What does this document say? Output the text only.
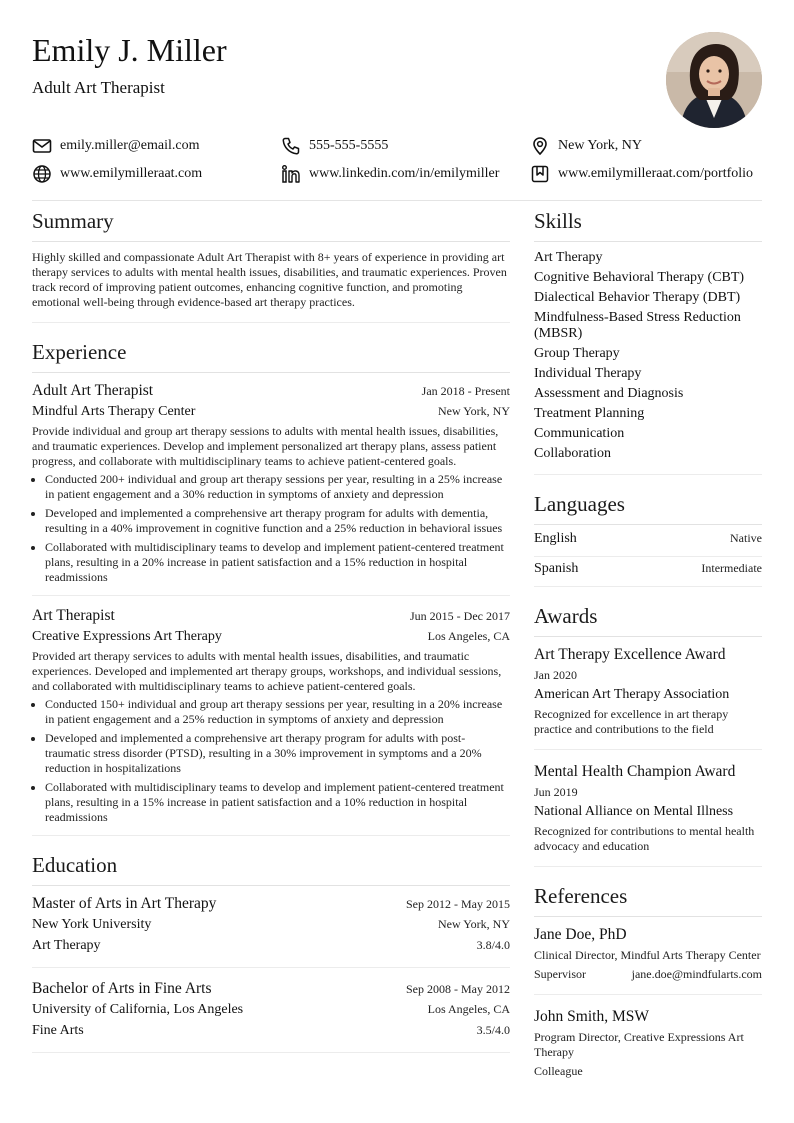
Emily J. Miller
Adult Art Therapist
emily.miller@email.com	555-555-5555	New York, NY
www.emilymilleraat.com	www.linkedin.com/in/emilymiller	www.emilymilleraat.com/portfolio
Summary

Highly skilled and compassionate Adult Art Therapist with 8+ years of experience in providing art therapy services to adults with mental health issues, disabilities, and traumatic experiences. Proven track record of improving patient outcomes, enhancing cognitive function, and promoting emotional well-being through evidence-based art therapy practices.

Experience
Adult Art Therapist	Jan 2018 - Present
Mindful Arts Therapy Center	New York, NY
Provide individual and group art therapy sessions to adults with mental health issues, disabilities, and traumatic experiences. Develop and implement personalized art therapy plans, assess patient progress, and collaborate with multidisciplinary teams to achieve patient-centered goals.
• Conducted 200+ individual and group art therapy sessions per year, resulting in a 25% increase in patient engagement and a 30% reduction in symptoms of anxiety and depression
• Developed and implemented a comprehensive art therapy program for adults with dementia, resulting in a 40% improvement in cognitive function and a 25% reduction in behavioral issues
• Collaborated with multidisciplinary teams to develop and implement patient-centered treatment plans, resulting in a 20% increase in patient satisfaction and a 15% reduction in hospital readmissions
Art Therapist	Jun 2015 - Dec 2017
Creative Expressions Art Therapy	Los Angeles, CA
Provided art therapy services to adults with mental health issues, disabilities, and traumatic experiences. Developed and implemented art therapy groups, workshops, and individual sessions, and collaborated with multidisciplinary teams to achieve patient-centered goals.
• Conducted 150+ individual and group art therapy sessions per year, resulting in a 20% increase in patient engagement and a 25% reduction in symptoms of anxiety and depression
• Developed and implemented a comprehensive art therapy program for adults with post-traumatic stress disorder (PTSD), resulting in a 30% improvement in symptoms and a 20% reduction in hospitalizations
• Collaborated with multidisciplinary teams to develop and implement patient-centered treatment plans, resulting in a 15% increase in patient satisfaction and a 10% reduction in hospital readmissions
Education
Master of Arts in Art Therapy	Sep 2012 - May 2015
New York University	New York, NY
Art Therapy	3.8/4.0
Bachelor of Arts in Fine Arts	Sep 2008 - May 2012
University of California, Los Angeles	Los Angeles, CA
Fine Arts	3.5/4.0
Skills
Art Therapy
Cognitive Behavioral Therapy (CBT)
Dialectical Behavior Therapy (DBT)
Mindfulness-Based Stress Reduction (MBSR)
Group Therapy
Individual Therapy
Assessment and Diagnosis
Treatment Planning
Communication
Collaboration
Languages
English	Native
Spanish	Intermediate
Awards
Art Therapy Excellence Award
Jan 2020
American Art Therapy Association
Recognized for excellence in art therapy practice and contributions to the field
Mental Health Champion Award
Jun 2019
National Alliance on Mental Illness
Recognized for contributions to mental health advocacy and education
References
Jane Doe, PhD
Clinical Director, Mindful Arts Therapy Center
Supervisor	jane.doe@mindfularts.com
John Smith, MSW
Program Director, Creative Expressions Art Therapy
Colleague
